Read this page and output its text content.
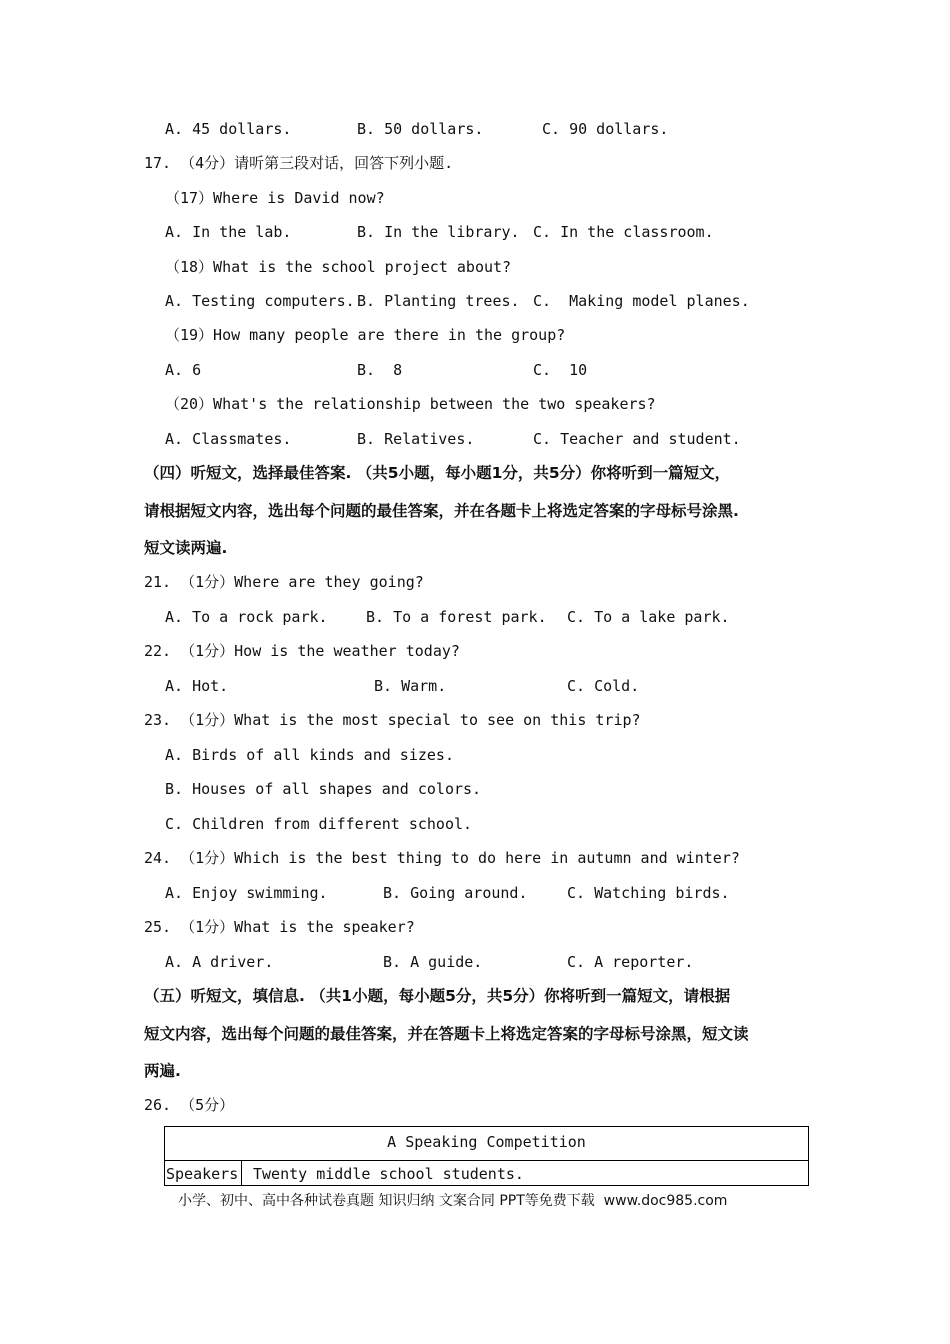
A. 45 dollars.	B. 50 dollars.	C. 90 dollars.
17. （4分）请听第三段对话，回答下列小题.
（17）Where is David now?
A. In the lab.	B. In the library. C. In the classroom.
（18）What is the school project about?
A. Testing computers. B. Planting trees. C.  Making model planes.
（19）How many people are there in the group?
A. 6	B.  8	C.  10
（20）What's the relationship between the two speakers?
A. Classmates.	B. Relatives.	C. Teacher and student.
（四）听短文，选择最佳答案. （共5小题，每小题1分，共5分）你将听到一篇短文，
请根据短文内容，选出每个问题的最佳答案，并在各题卡上将选定答案的字母标号涂黑.
短文读两遍.
21. （1分）Where are they going?
A. To a rock park.	B. To a forest park. C. To a lake park.
22. （1分）How is the weather today?
A. Hot.	B. Warm.	C. Cold.
23. （1分）What is the most special to see on this trip?
A. Birds of all kinds and sizes.
B. Houses of all shapes and colors.
C. Children from different school.
24. （1分）Which is the best thing to do here in autumn and winter?
A. Enjoy swimming.	B. Going around.	C. Watching birds.
25. （1分）What is the speaker?
A. A driver.	B. A guide.	C. A reporter.
（五）听短文，填信息. （共1小题，每小题5分，共5分）你将听到一篇短文，请根据
短文内容，选出每个问题的最佳答案，并在答题卡上将选定答案的字母标号涂黑，短文读
两遍.
26. （5分）
A Speaking Competition
Speakers Twenty middle school students.
小学、初中、高中各种试卷真题 知识归纳 文案合同 PPT等免费下载  www.doc985.com
